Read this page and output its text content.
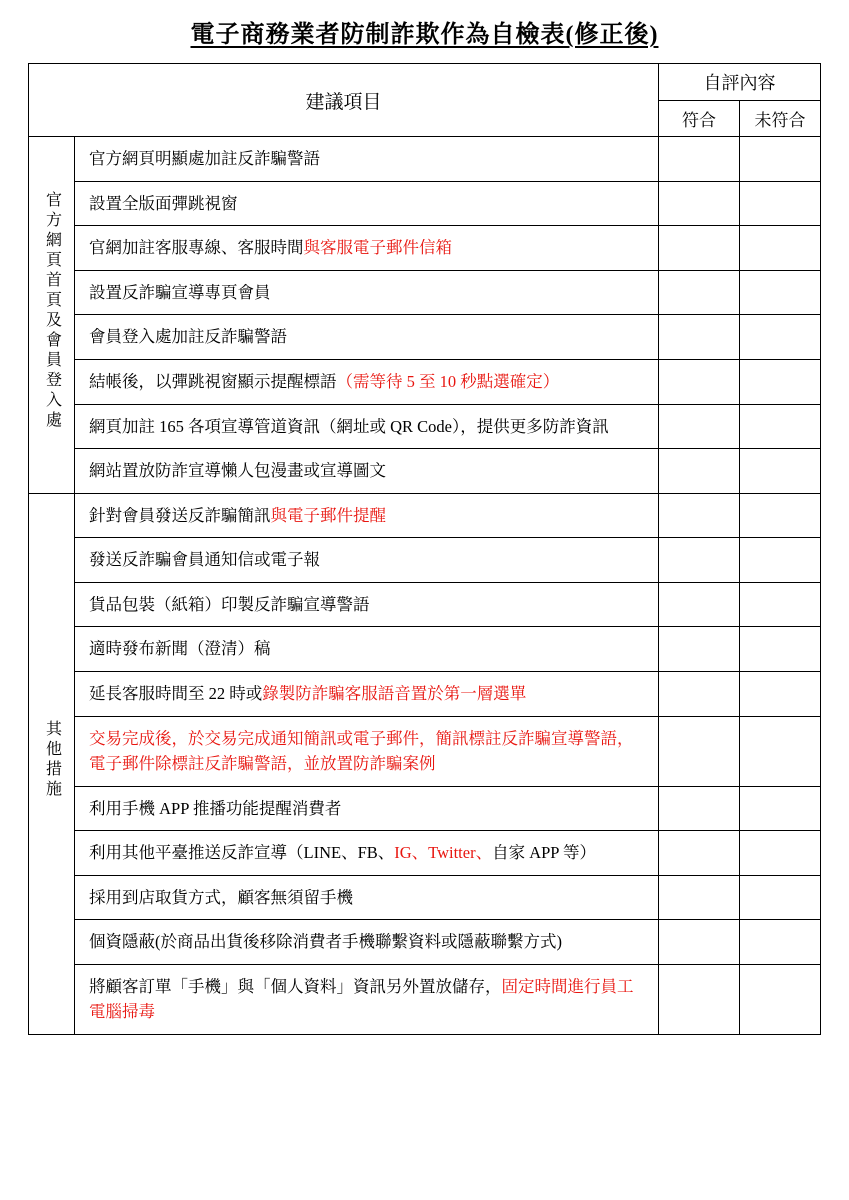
電子商務業者防制詐欺作為自檢表(修正後)
建議項目		自評內容	
		符合	未符合
官方網頁首頁及會員登入處	官方網頁明顯處加註反詐騙警語		
	設置全版面彈跳視窗		
	官網加註客服專線、客服時間與客服電子郵件信箱		
	設置反詐騙宣導專頁會員		
	會員登入處加註反詐騙警語		
	結帳後，以彈跳視窗顯示提醒標語（需等待 5 至 10 秒點選確定）		
	網頁加註 165 各項宣導管道資訊（網址或 QR Code），提供更多防詐資訊		
	網站置放防詐宣導懶人包漫畫或宣導圖文		
其他措施	針對會員發送反詐騙簡訊與電子郵件提醒		
	發送反詐騙會員通知信或電子報		
	貨品包裝（紙箱）印製反詐騙宣導警語		
	適時發布新聞（澄清）稿		
	延長客服時間至 22 時或錄製防詐騙客服語音置於第一層選單		
	交易完成後，於交易完成通知簡訊或電子郵件，簡訊標註反詐騙宣導警語，電子郵件除標註反詐騙警語，並放置防詐騙案例		
	利用手機 APP 推播功能提醒消費者		
	利用其他平臺推送反詐宣導（LINE、FB、IG、Twitter、自家 APP 等）		
	採用到店取貨方式，顧客無須留手機		
	個資隱蔽(於商品出貨後移除消費者手機聯繫資料或隱蔽聯繫方式)		
	將顧客訂單「手機」與「個人資料」資訊另外置放儲存，固定時間進行員工電腦掃毒		
